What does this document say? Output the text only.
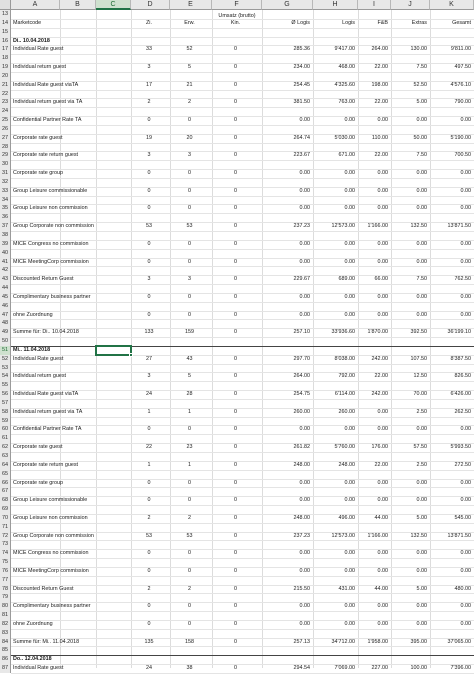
A	B	C	D	E	F	G	H	I	J	K
13
14
Umsatz (brutto)
Marketcode	Zi.	Erw.	Kin.	Ø Logis	Logis	F&B	Extras	Gesamt
15
16 Di.. 10.04.2018
17 Individual Rate guest	33	52	0	285.36	9'417.00	264.00	130.00	9'811.00
18
19 Individual return guest	3	5	0	234.00	468.00	22.00	7.50	497.50
20
21 Individual Rate guest viaTA	17	21	0	254.45	4'325.60	198.00	52.50	4'576.10
22
23 Individual return guest via TA	2	2	0	381.50	763.00	22.00	5.00	790.00
24
25 Confidential Partner Rate TA	0	0	0	0.00	0.00	0.00	0.00	0.00
26
27 Corporate rate guest	19	20	0	264.74	5'030.00	110.00	50.00	5'190.00
28
29 Corporate rate return guest	3	3	0	223.67	671.00	22.00	7.50	700.50
30
31 Corporate rate group	0	0	0	0.00	0.00	0.00	0.00	0.00
32
33 Group Leisure commissionable	0	0	0	0.00	0.00	0.00	0.00	0.00
34
35 Group Leisure non commission	0	0	0	0.00	0.00	0.00	0.00	0.00
36
37 Group Corporate non commission	53	53	0	237.23	12'573.00	1'166.00	132.50	13'871.50
38
39 MICE Congress no commission	0	0	0	0.00	0.00	0.00	0.00	0.00
40
41 MICE MeetingCorp commission	0	0	0	0.00	0.00	0.00	0.00	0.00
42
43 Discounted Return Guest	3	3	0	229.67	689.00	66.00	7.50	762.50
44
45 Complimentary business partner	0	0	0	0.00	0.00	0.00	0.00	0.00
46
47 ohne Zuordnung	0	0	0	0.00	0.00	0.00	0.00	0.00
48
49 Summe für: Di.. 10.04.2018	133	159	0	257.10	33'936.60	1'870.00	392.50	36'199.10
50
51 Mi.. 11.04.2018
52 Individual Rate guest	27	43	0	297.70	8'038.00	242.00	107.50	8'387.50
53
54 Individual return guest	3	5	0	264.00	792.00	22.00	12.50	826.50
55
56 Individual Rate guest viaTA	24	28	0	254.75	6'114.00	242.00	70.00	6'426.00
57
58 Individual return guest via TA	1	1	0	260.00	260.00	0.00	2.50	262.50
59
60 Confidential Partner Rate TA	0	0	0	0.00	0.00	0.00	0.00	0.00
61
62 Corporate rate guest	22	23	0	261.82	5'760.00	176.00	57.50	5'993.50
63
64 Corporate rate return guest	1	1	0	248.00	248.00	22.00	2.50	272.50
65
66 Corporate rate group	0	0	0	0.00	0.00	0.00	0.00	0.00
67
68 Group Leisure commissionable	0	0	0	0.00	0.00	0.00	0.00	0.00
69
70 Group Leisure non commission	2	2	0	248.00	496.00	44.00	5.00	545.00
71
72 Group Corporate non commission	53	53	0	237.23	12'573.00	1'166.00	132.50	13'871.50
73
74 MICE Congress no commission	0	0	0	0.00	0.00	0.00	0.00	0.00
75
76 MICE MeetingCorp commission	0	0	0	0.00	0.00	0.00	0.00	0.00
77
78 Discounted Return Guest	2	2	0	215.50	431.00	44.00	5.00	480.00
79
80 Complimentary business partner	0	0	0	0.00	0.00	0.00	0.00	0.00
81
82 ohne Zuordnung	0	0	0	0.00	0.00	0.00	0.00	0.00
83
84 Summe für: Mi.. 11.04.2018	135	158	0	257.13	34'712.00	1'958.00	395.00	37'065.00
85
86 Do.. 12.04.2018
87 Individual Rate guest	24	38	0	294.54	7'069.00	227.00	100.00	7'396.00
